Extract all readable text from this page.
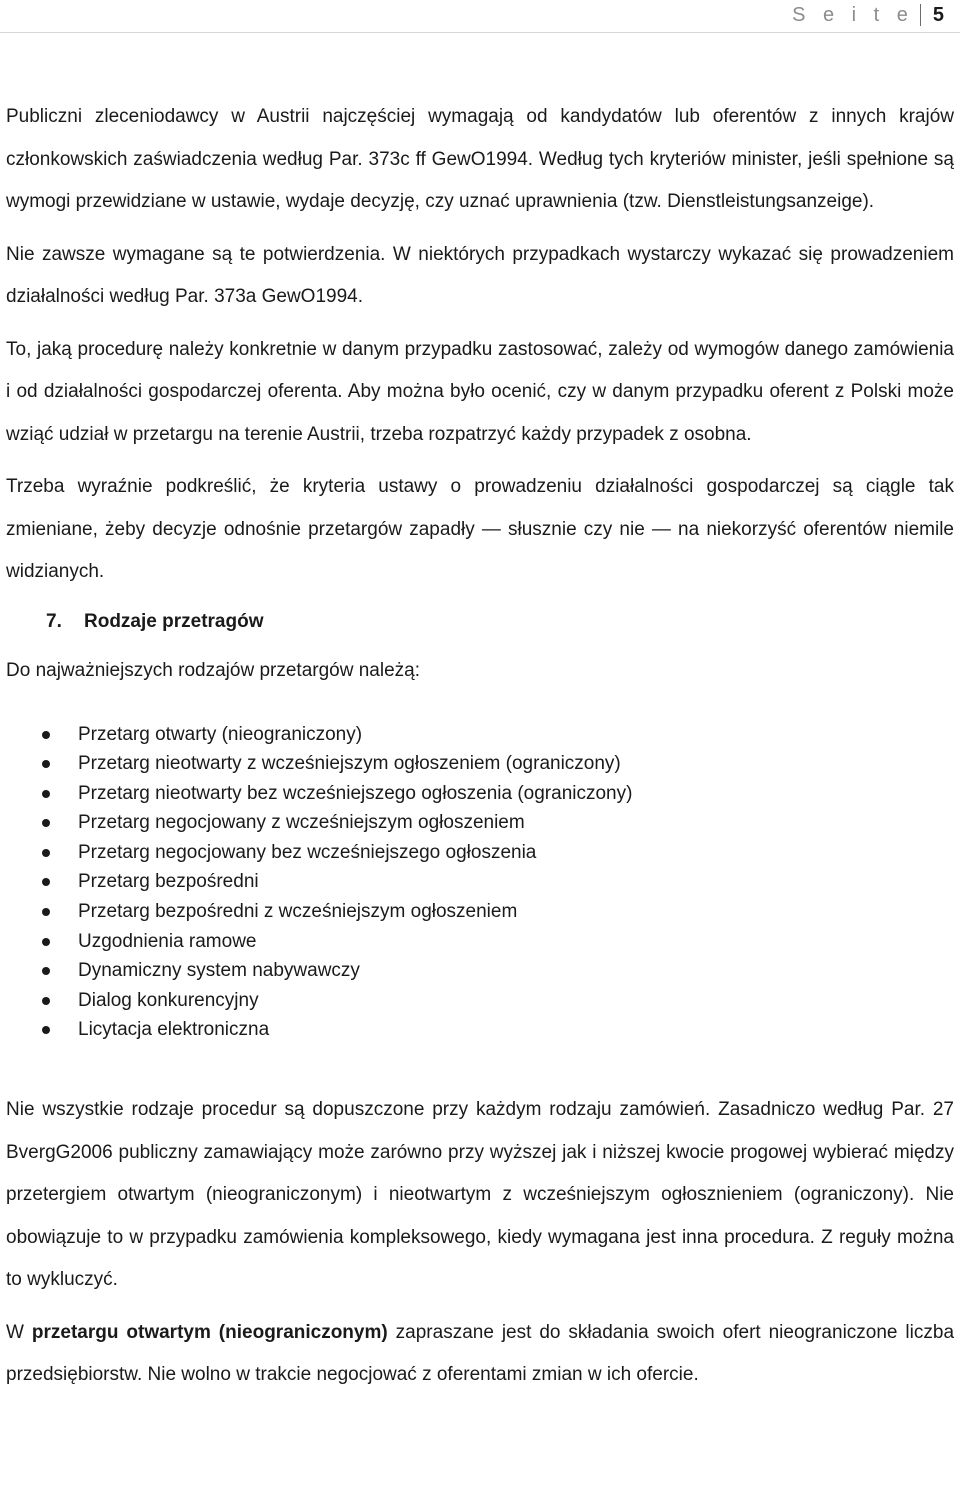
S e i t e 5

Publiczni zleceniodawcy w Austrii najczęściej wymagają od kandydatów lub oferentów z innych krajów członkowskich zaświadczenia według Par. 373c ff GewO1994. Według tych kryteriów minister, jeśli spełnione są wymogi przewidziane w ustawie, wydaje decyzję, czy uznać uprawnienia (tzw. Dienstleistungsanzeige).

Nie zawsze wymagane są te potwierdzenia. W niektórych przypadkach wystarczy wykazać się prowadzeniem działalności według Par. 373a GewO1994.

To, jaką procedurę należy konkretnie w danym przypadku zastosować, zależy od wymogów danego zamówienia i od działalności gospodarczej oferenta. Aby można było ocenić, czy w danym przypadku oferent z Polski może wziąć udział w przetargu na terenie Austrii, trzeba rozpatrzyć każdy przypadek z osobna.

Trzeba wyraźnie podkreślić, że kryteria ustawy o prowadzeniu działalności gospodarczej są ciągle tak zmieniane, żeby decyzje odnośnie przetargów zapadły — słusznie czy nie — na niekorzyść oferentów niemile widzianych.

7. Rodzaje przetragów

Do najważniejszych rodzajów przetargów należą:

Przetarg otwarty (nieograniczony)
Przetarg nieotwarty z wcześniejszym ogłoszeniem (ograniczony)
Przetarg nieotwarty bez wcześniejszego ogłoszenia (ograniczony)
Przetarg negocjowany z wcześniejszym ogłoszeniem
Przetarg negocjowany bez wcześniejszego ogłoszenia
Przetarg bezpośredni
Przetarg bezpośredni z wcześniejszym ogłoszeniem
Uzgodnienia ramowe
Dynamiczny system nabywawczy
Dialog konkurencyjny
Licytacja elektroniczna

Nie wszystkie rodzaje procedur są dopuszczone przy każdym rodzaju zamówień. Zasadniczo według Par. 27 BvergG2006 publiczny zamawiający może zarówno przy wyższej jak i niższej kwocie progowej wybierać między przetergiem otwartym (nieograniczonym) i nieotwartym z wcześniejszym ogłosznieniem (ograniczony). Nie obowiązuje to w przypadku zamówienia kompleksowego, kiedy wymagana jest inna procedura. Z reguły można to wykluczyć.

W przetargu otwartym (nieograniczonym) zapraszane jest do składania swoich ofert nieograniczone liczba przedsiębiorstw. Nie wolno w trakcie negocjować z oferentami zmian w ich ofercie.
